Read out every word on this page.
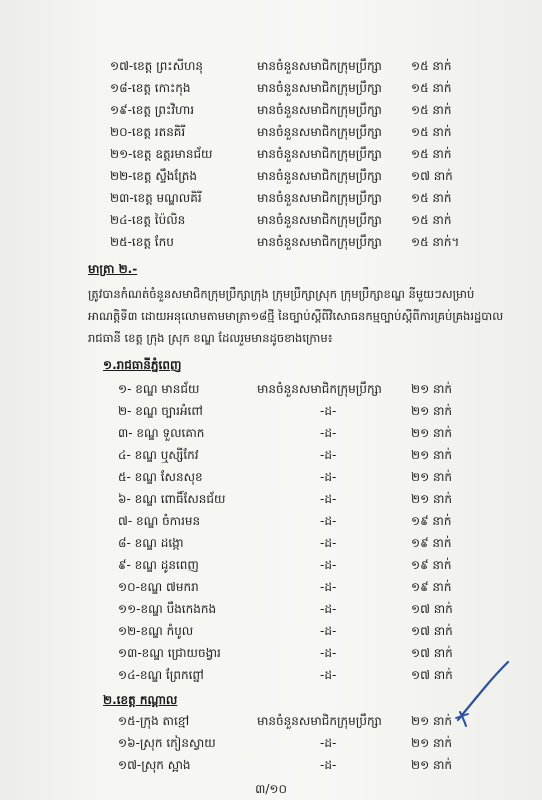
១៧-ខេត្ត ព្រះសីហនុ	មានចំនួនសមាជិកក្រុមប្រឹក្សា ១៥ នាក់
១៨-ខេត្ត កោះកុង	មានចំនួនសមាជិកក្រុមប្រឹក្សា ១៥ នាក់
១៩-ខេត្ត ព្រះវិហារ	មានចំនួនសមាជិកក្រុមប្រឹក្សា ១៥ នាក់
២០-ខេត្ត រតនគិរី	មានចំនួនសមាជិកក្រុមប្រឹក្សា ១៥ នាក់
២១-ខេត្ត ឧត្តរមានជ័យ	មានចំនួនសមាជិកក្រុមប្រឹក្សា ១៥ នាក់
២២-ខេត្ត ស្ទឹងត្រែង	មានចំនួនសមាជិកក្រុមប្រឹក្សា ១៧ នាក់
២៣-ខេត្ត មណ្ឌលគិរី	មានចំនួនសមាជិកក្រុមប្រឹក្សា ១៥ នាក់
២៤-ខេត្ត ប៉ៃលិន	មានចំនួនសមាជិកក្រុមប្រឹក្សា ១៥ នាក់
២៥-ខេត្ត កែប	មានចំនួនសមាជិកក្រុមប្រឹក្សា ១៥ នាក់។
មាត្រា ២.-
ត្រូវបានកំណត់ចំនួនសមាជិកក្រុមប្រឹក្សាក្រុង ក្រុមប្រឹក្សាស្រុក ក្រុមប្រឹក្សាខណ្ឌ នីមួយៗសម្រាប់
អាណត្តិទី៣ ដោយអនុលោមតាមមាត្រា១៨ថ្មី នៃច្បាប់ស្តីពីវិសោធនកម្មច្បាប់ស្តីពីការគ្រប់គ្រងរដ្ឋបាល
រាជធានី ខេត្ត ក្រុង ស្រុក ខណ្ឌ ដែលរួមមានដូចខាងក្រោម៖
១.រាជធានីភ្នំពេញ
១- ខណ្ឌ មានជ័យ	មានចំនួនសមាជិកក្រុមប្រឹក្សា ២១ នាក់
២- ខណ្ឌ ច្បារអំពៅ	-ដ-	២១ នាក់
៣- ខណ្ឌ ទួលគោក	-ដ-	២១ នាក់
៤- ខណ្ឌ ឬស្សីកែវ	-ដ-	២១ នាក់
៥- ខណ្ឌ សែនសុខ	-ដ-	២១ នាក់
៦- ខណ្ឌ ពោធិ៍សែនជ័យ	-ដ-	២១ នាក់
៧- ខណ្ឌ ចំការមន	-ដ-	១៩ នាក់
៨- ខណ្ឌ ដង្កោ	-ដ-	១៩ នាក់
៩- ខណ្ឌ ដូនពេញ	-ដ-	១៩ នាក់
១០-ខណ្ឌ ៧មករា	-ដ-	១៩ នាក់
១១-ខណ្ឌ បឹងកេងកង	-ដ-	១៧ នាក់
១២-ខណ្ឌ កំបូល	-ដ-	១៧ នាក់
១៣-ខណ្ឌ ជ្រោយចង្វារ	-ដ-	១៧ នាក់
១៤-ខណ្ឌ ព្រែកព្នៅ	-ដ-	១៧ នាក់
២.ខេត្ត កណ្ដាល
១៥-ក្រុង តាខ្មៅ	មានចំនួនសមាជិកក្រុមប្រឹក្សា ២១ នាក់
១៦-ស្រុក កៀនស្វាយ	-ដ-	២១ នាក់
១៧-ស្រុក ស្អាង	-ដ-	២១ នាក់
៣/១០
